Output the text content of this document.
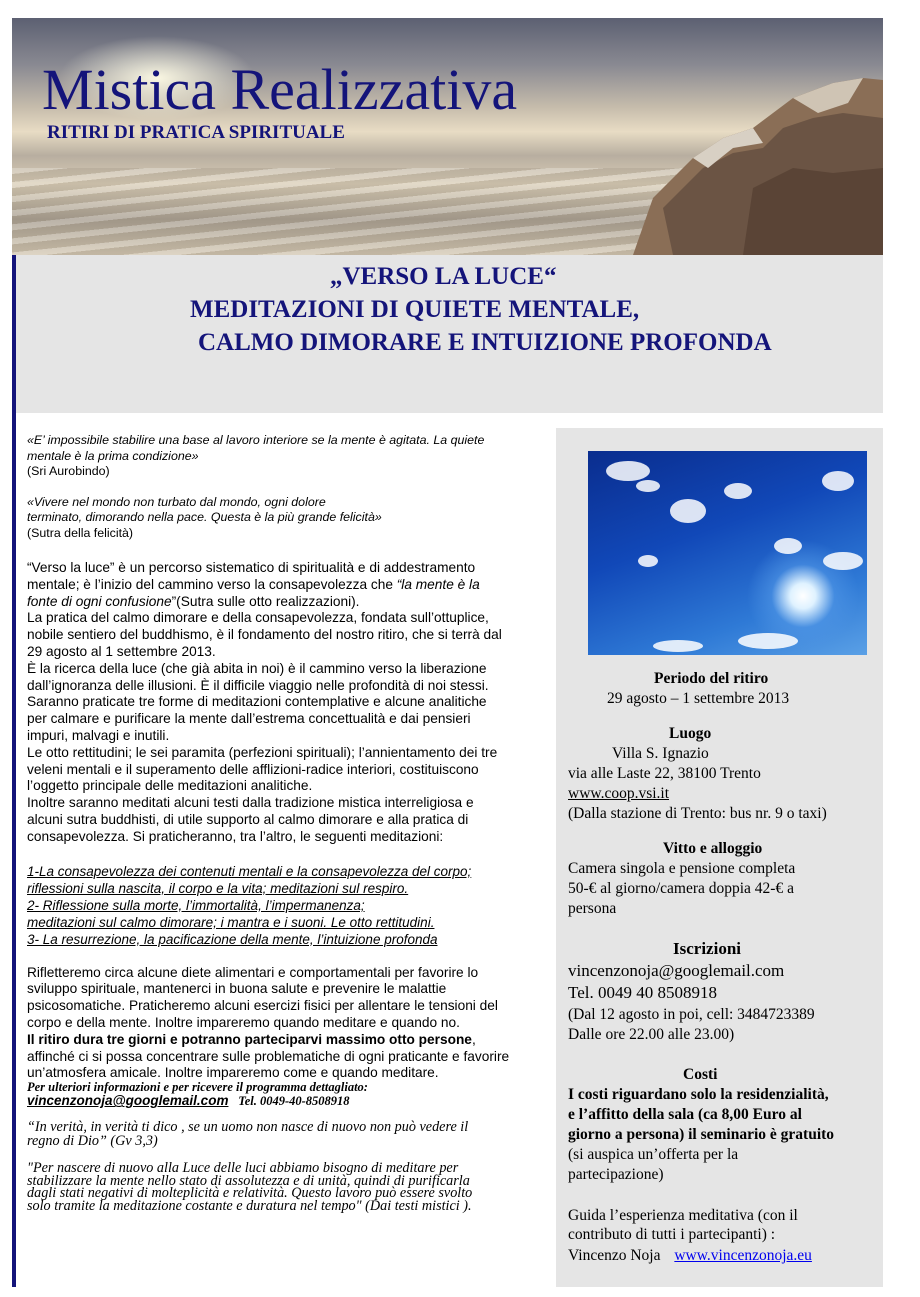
Mistica Realizzativa
RITIRI DI PRATICA SPIRITUALE
„VERSO LA LUCE“
MEDITAZIONI DI QUIETE MENTALE,
CALMO DIMORARE E INTUIZIONE PROFONDA
«E’ impossibile stabilire una base al lavoro interiore se la mente è agitata. La quiete
mentale è la prima condizione»
(Sri Aurobindo)
«Vivere nel mondo non turbato dal mondo, ogni dolore
terminato, dimorando nella pace. Questa è la più grande felicità»
(Sutra della felicità)
“Verso la luce” è un percorso sistematico di spiritualità e di addestramento
mentale; è l’inizio del cammino verso la consapevolezza che “la mente è la
fonte di ogni confusione”(Sutra sulle otto realizzazioni).
La pratica del calmo dimorare e della consapevolezza, fondata sull’ottuplice,
nobile sentiero del buddhismo, è il fondamento del nostro ritiro, che si terrà dal
29 agosto al 1 settembre 2013.
È la ricerca della luce (che già abita in noi) è il cammino verso la liberazione
dall’ignoranza delle illusioni. È il difficile viaggio nelle profondità di noi stessi.
Saranno praticate tre forme di meditazioni contemplative e alcune analitiche
per calmare e purificare la mente dall’estrema concettualità e dai pensieri
impuri, malvagi e inutili.
Le otto rettitudini; le sei paramita (perfezioni spirituali); l’annientamento dei tre
veleni mentali e il superamento delle afflizioni-radice interiori, costituiscono
l’oggetto principale delle meditazioni analitiche.
Inoltre saranno meditati alcuni testi dalla tradizione mistica interreligiosa e
alcuni sutra buddhisti, di utile supporto al calmo dimorare e alla pratica di
consapevolezza. Si praticheranno, tra l’altro, le seguenti meditazioni:
1-La consapevolezza dei contenuti mentali e la consapevolezza del corpo;
riflessioni sulla nascita, il corpo e la vita; meditazioni sul respiro.
2- Riflessione sulla morte, l’immortalità, l’impermanenza;
meditazioni sul calmo dimorare; i mantra e i suoni. Le otto rettitudini.
3- La resurrezione, la pacificazione della mente, l’intuizione profonda
Rifletteremo circa alcune diete alimentari e comportamentali per favorire lo
sviluppo spirituale, mantenerci in buona salute e prevenire le malattie
psicosomatiche. Praticheremo alcuni esercizi fisici per allentare le tensioni del
corpo e della mente. Inoltre impareremo quando meditare e quando no.
Il ritiro dura tre giorni e potranno parteciparvi massimo otto persone,
affinché ci si possa concentrare sulle problematiche di ogni praticante e favorire
un’atmosfera amicale. Inoltre impareremo come e quando meditare.
Per ulteriori informazioni e per ricevere il programma dettagliato:
vincenzonoja@googlemail.com Tel. 0049-40-8508918
“In verità, in verità ti dico , se un uomo non nasce di nuovo non può vedere il
regno di Dio” (Gv 3,3)
"Per nascere di nuovo alla Luce delle luci abbiamo bisogno di meditare per
stabilizzare la mente nello stato di assolutezza e di unità, quindi di purificarla
dagli stati negativi di molteplicità e relatività. Questo lavoro può essere svolto
solo tramite la meditazione costante e duratura nel tempo" (Dai testi mistici ).
Periodo del ritiro
29 agosto – 1 settembre 2013
Luogo
Villa S. Ignazio
via alle Laste 22, 38100 Trento
www.coop.vsi.it
(Dalla stazione di Trento: bus nr. 9 o taxi)
Vitto e alloggio
Camera singola e pensione completa
50-€ al giorno/camera doppia 42-€ a
persona
Iscrizioni
vincenzonoja@googlemail.com
Tel. 0049 40 8508918
(Dal 12 agosto in poi, cell: 3484723389
Dalle ore 22.00 alle 23.00)
Costi
I costi riguardano solo la residenzialità,
e l’affitto della sala (ca 8,00 Euro al
giorno a persona) il seminario è gratuito
(si auspica un’offerta per la
partecipazione)
Guida l’esperienza meditativa (con il
contributo di tutti i partecipanti) :
Vincenzo Noja www.vincenzonoja.eu
